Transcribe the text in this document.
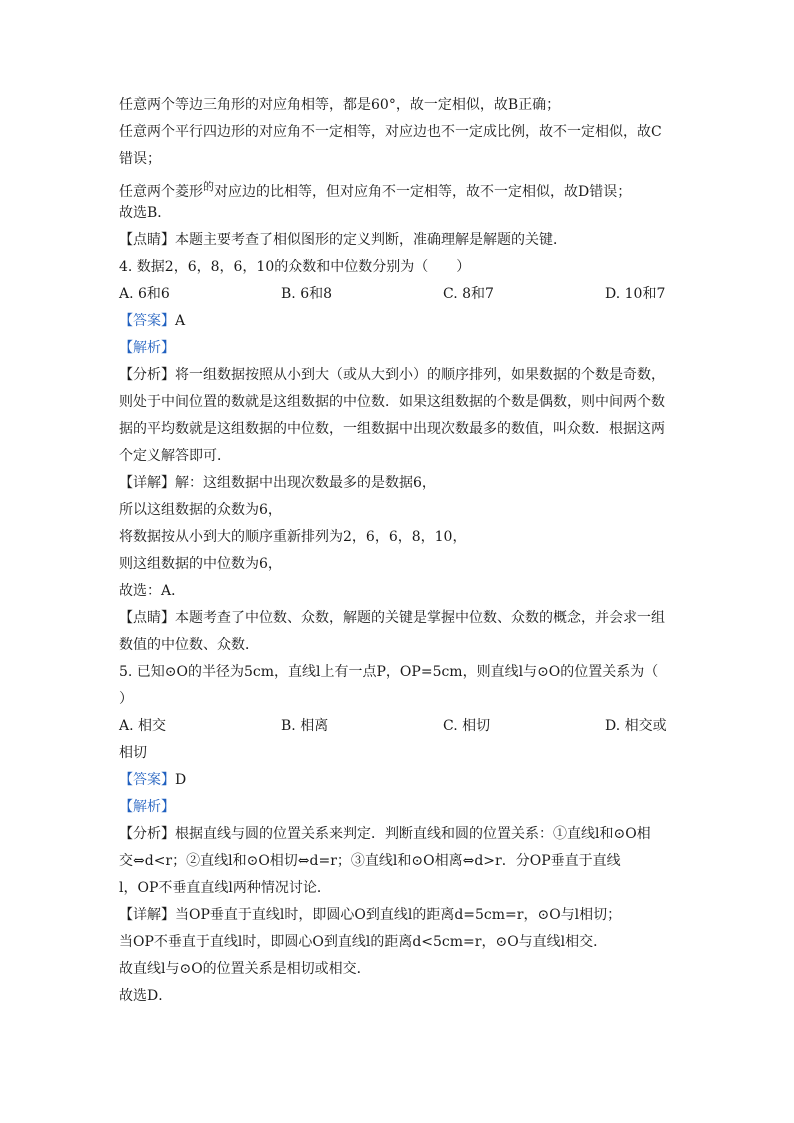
任意两个等边三角形的对应角相等，都是60°，故一定相似，故B正确；
任意两个平行四边形的对应角不一定相等，对应边也不一定成比例，故不一定相似，故C
错误；
任意两个菱形$^的$对应边的比相等，但对应角不一定相等，故不一定相似，故D错误；
故选B．
【点睛】本题主要考查了相似图形的定义判断，准确理解是解题的关键．
4. 数据2，6，8，6，10的众数和中位数分别为（　　）
A. 6和6	B. 6和8	C. 8和7	D. 10和7
【答案】A
【解析】
【分析】将一组数据按照从小到大（或从大到小）的顺序排列，如果数据的个数是奇数，
则处于中间位置的数就是这组数据的中位数．如果这组数据的个数是偶数，则中间两个数
据的平均数就是这组数据的中位数，一组数据中出现次数最多的数值，叫众数．根据这两
个定义解答即可．
【详解】解：这组数据中出现次数最多的是数据6，
所以这组数据的众数为6，
将数据按从小到大的顺序重新排列为2，6，6，8，10，
则这组数据的中位数为6，
故选：A．
【点睛】本题考查了中位数、众数，解题的关键是掌握中位数、众数的概念，并会求一组
数值的中位数、众数．
5. 已知⊙O的半径为5cm，直线l上有一点P，OP=5cm，则直线l与⊙O的位置关系为（
）
A. 相交	B. 相离	C. 相切	D. 相交或
相切
【答案】D
【解析】
【分析】根据直线与圆的位置关系来判定．判断直线和圆的位置关系：①直线l和⊙O相
交⇔d<r；②直线l和⊙O相切⇔d=r；③直线l和⊙O相离⇔d>r．分OP垂直于直线
l，OP不垂直直线l两种情况讨论．
【详解】当OP垂直于直线l时，即圆心O到直线l的距离d=5cm=r，⊙O与l相切；
当OP不垂直于直线l时，即圆心O到直线l的距离d<5cm=r，⊙O与直线l相交．
故直线l与⊙O的位置关系是相切或相交．
故选D．
